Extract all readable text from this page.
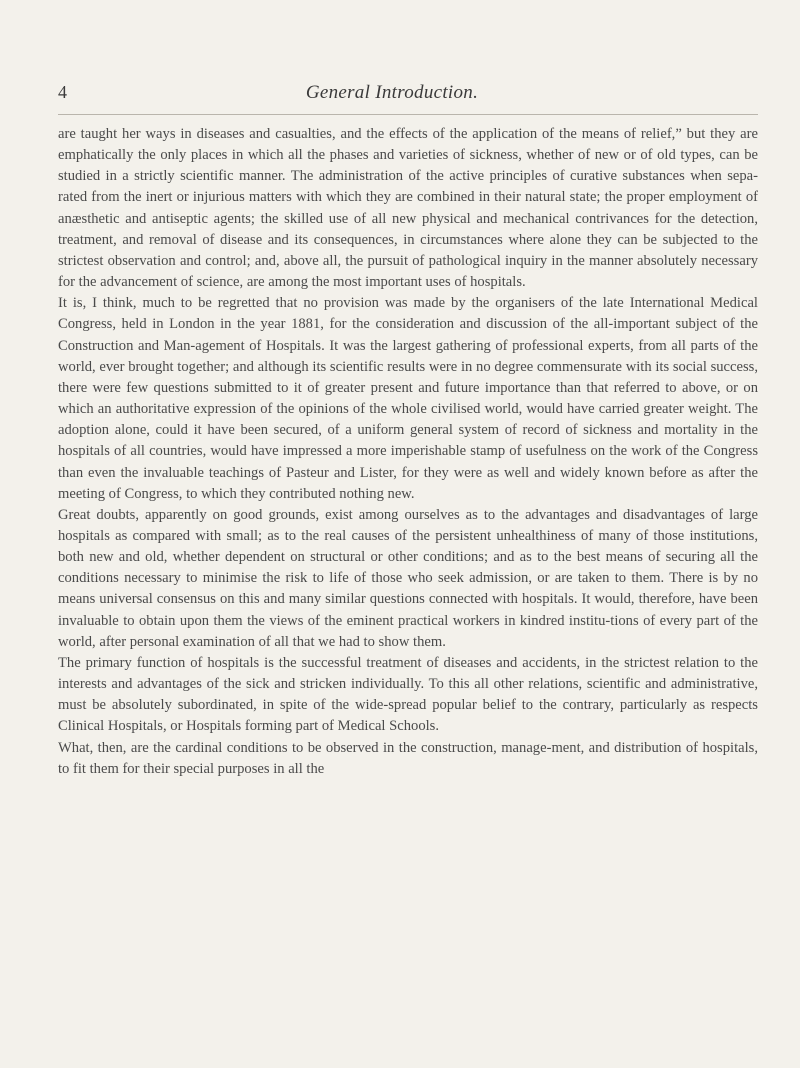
4	General Introduction.

are taught her ways in diseases and casualties, and the effects of the application of the means of relief,” but they are emphatically the only places in which all the phases and varieties of sickness, whether of new or of old types, can be studied in a strictly scientific manner. The administration of the active principles of curative substances when sepa-rated from the inert or injurious matters with which they are combined in their natural state; the proper employment of anæsthetic and antiseptic agents; the skilled use of all new physical and mechanical contrivances for the detection, treatment, and removal of disease and its consequences, in circumstances where alone they can be subjected to the strictest observation and control; and, above all, the pursuit of pathological inquiry in the manner absolutely necessary for the advancement of science, are among the most important uses of hospitals.

It is, I think, much to be regretted that no provision was made by the organisers of the late International Medical Congress, held in London in the year 1881, for the consideration and discussion of the all-important subject of the Construction and Man-agement of Hospitals. It was the largest gathering of professional experts, from all parts of the world, ever brought together; and although its scientific results were in no degree commensurate with its social success, there were few questions submitted to it of greater present and future importance than that referred to above, or on which an authoritative expression of the opinions of the whole civilised world, would have carried greater weight. The adoption alone, could it have been secured, of a uniform general system of record of sickness and mortality in the hospitals of all countries, would have impressed a more imperishable stamp of usefulness on the work of the Congress than even the invaluable teachings of Pasteur and Lister, for they were as well and widely known before as after the meeting of Congress, to which they contributed nothing new.

Great doubts, apparently on good grounds, exist among ourselves as to the advantages and disadvantages of large hospitals as compared with small; as to the real causes of the persistent unhealthiness of many of those institutions, both new and old, whether dependent on structural or other conditions; and as to the best means of securing all the conditions necessary to minimise the risk to life of those who seek admission, or are taken to them. There is by no means universal consensus on this and many similar questions connected with hospitals. It would, therefore, have been invaluable to obtain upon them the views of the eminent practical workers in kindred institu-tions of every part of the world, after personal examination of all that we had to show them.

The primary function of hospitals is the successful treatment of diseases and accidents, in the strictest relation to the interests and advantages of the sick and stricken individually. To this all other relations, scientific and administrative, must be absolutely subordinated, in spite of the wide-spread popular belief to the contrary, particularly as respects Clinical Hospitals, or Hospitals forming part of Medical Schools.

What, then, are the cardinal conditions to be observed in the construction, manage-ment, and distribution of hospitals, to fit them for their special purposes in all the
